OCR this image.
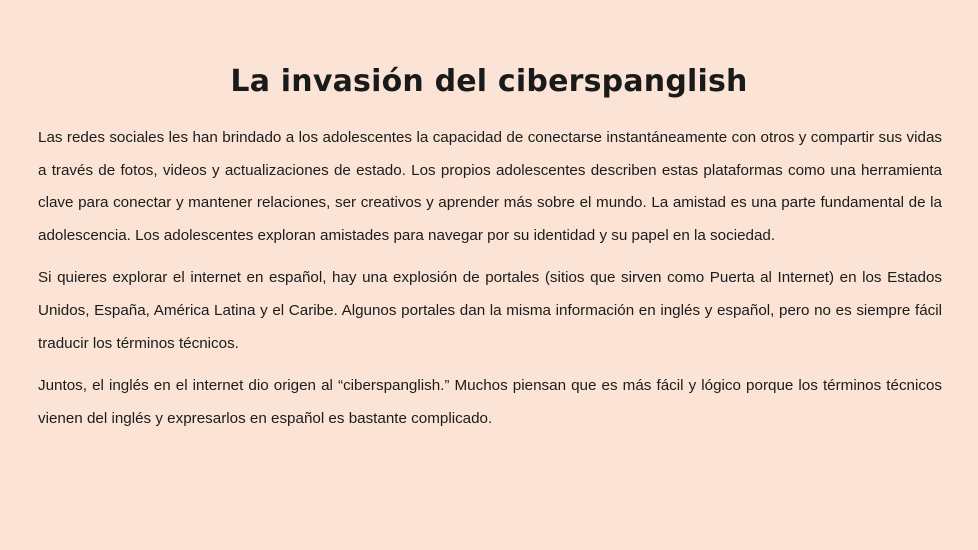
La invasión del ciberspanglish

Las redes sociales les han brindado a los adolescentes la capacidad de conectarse instantáneamente con otros y compartir sus vidas a través de fotos, videos y actualizaciones de estado. Los propios adolescentes describen estas plataformas como una herramienta clave para conectar y mantener relaciones, ser creativos y aprender más sobre el mundo. La amistad es una parte fundamental de la adolescencia. Los adolescentes exploran amistades para navegar por su identidad y su papel en la sociedad.

Si quieres explorar el internet en español, hay una explosión de portales (sitios que sirven como Puerta al Internet) en los Estados Unidos, España, América Latina y el Caribe. Algunos portales dan la misma información en inglés y español, pero no es siempre fácil traducir los términos técnicos.

Juntos, el inglés en el internet dio origen al “ciberspanglish.” Muchos piensan que es más fácil y lógico porque los términos técnicos vienen del inglés y expresarlos en español es bastante complicado.
